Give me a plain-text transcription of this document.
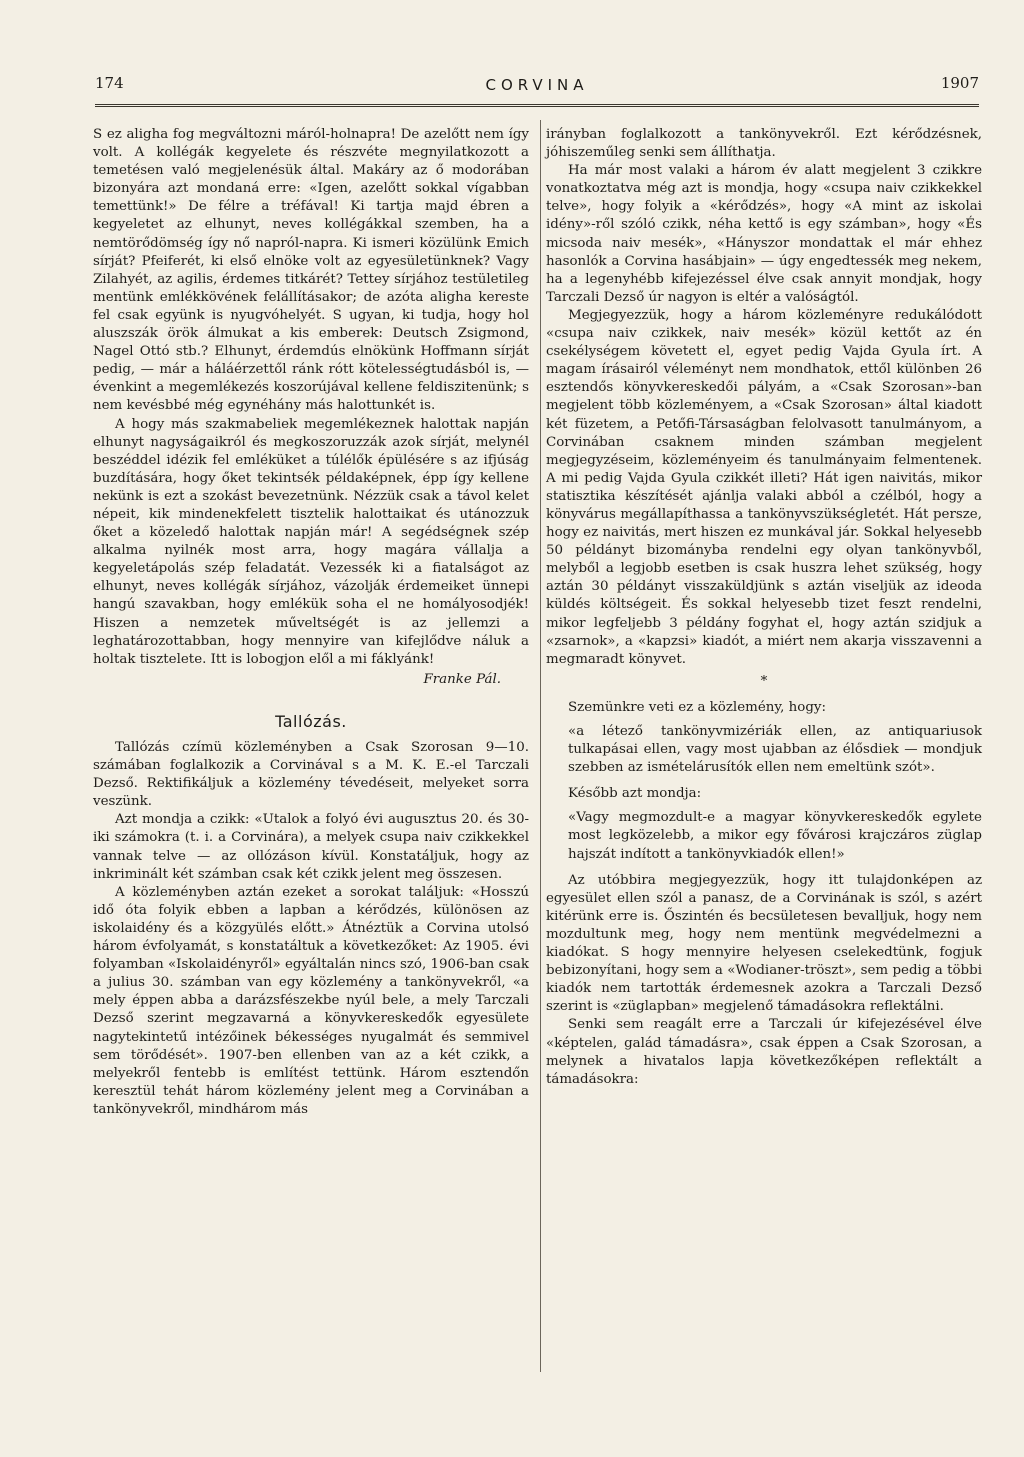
174	CORVINA	1907

S ez aligha fog megváltozni máról-holnapra! De azelőtt nem így volt. A kollégák kegyelete és részvéte megnyilatkozott a temetésen való megjelenésük által. Makáry az ő modorában bizonyára azt mondaná erre: «Igen, azelőtt sokkal vígabban temettünk!» De félre a tréfával! Ki tartja majd ébren a kegyeletet az elhunyt, neves kollégákkal szemben, ha a nemtörődömség így nő napról-napra. Ki ismeri közülünk Emich sírját? Pfeiferét, ki első elnöke volt az egyesületünknek? Vagy Zilahyét, az agilis, érdemes titkárét? Tettey sírjához testületileg mentünk emlékkövének felállításakor; de azóta aligha kereste fel csak együnk is nyugvóhelyét. S ugyan, ki tudja, hogy hol aluszszák örök álmukat a kis emberek: Deutsch Zsigmond, Nagel Ottó stb.? Elhunyt, érdemdús elnökünk Hoffmann sírját pedig, — már a háláérzettől ránk rótt kötelességtudásból is, — évenkint a megemlékezés koszorújával kellene feldiszitenünk; s nem kevésbbé még egynéhány más halottunkét is.

A hogy más szakmabeliek megemlékeznek halottak napján elhunyt nagyságaikról és megkoszoruzzák azok sírját, melynél beszéddel idézik fel emléküket a túlélők épülésére s az ifjúság buzdítására, hogy őket tekintsék példaképnek, épp így kellene nekünk is ezt a szokást bevezetnünk. Nézzük csak a távol kelet népeit, kik mindenekfelett tisztelik halottaikat és utánozzuk őket a közeledő halottak napján már! A segédségnek szép alkalma nyilnék most arra, hogy magára vállalja a kegyeletápolás szép feladatát. Vezessék ki a fiatalságot az elhunyt, neves kollégák sírjához, vázolják érdemeiket ünnepi hangú szavakban, hogy emlékük soha el ne homályosodjék! Hiszen a nemzetek műveltségét is az jellemzi a leghatározottabban, hogy mennyire van kifejlődve náluk a holtak tisztelete. Itt is lobogjon elől a mi fáklyánk!

Franke Pál.
Tallózás.

Tallózás czímü közleményben a Csak Szorosan 9—10. számában foglalkozik a Corvinával s a M. K. E.-el Tarczali Dezső. Rektifikáljuk a közlemény tévedéseit, melyeket sorra veszünk.

Azt mondja a czikk: «Utalok a folyó évi augusztus 20. és 30-iki számokra (t. i. a Corvinára), a melyek csupa naiv czikkekkel vannak telve — az ollózáson kívül. Konstatáljuk, hogy az inkriminált két számban csak két czikk jelent meg összesen.

A közleményben aztán ezeket a sorokat találjuk: «Hosszú idő óta folyik ebben a lapban a kérődzés, különösen az iskolaidény és a közgyülés előtt.» Átnéztük a Corvina utolsó három évfolyamát, s konstatáltuk a következőket: Az 1905. évi folyamban «Iskolaidényről» egyáltalán nincs szó, 1906-ban csak a julius 30. számban van egy közlemény a tankönyvekről, «a mely éppen abba a darázsfészekbe nyúl bele, a mely Tarczali Dezső szerint megzavarná a könyvkereskedők egyesülete nagytekintetű intézőinek békességes nyugalmát és semmivel sem törődését». 1907-ben ellenben van az a két czikk, a melyekről fentebb is említést tettünk. Három esztendőn keresztül tehát három közlemény jelent meg a Corvinában a tankönyvekről, mindhárom más

irányban foglalkozott a tankönyvekről. Ezt kérődzésnek, jóhiszeműleg senki sem állíthatja.

Ha már most valaki a három év alatt megjelent 3 czikkre vonatkoztatva még azt is mondja, hogy «csupa naiv czikkekkel telve», hogy folyik a «kérődzés», hogy «A mint az iskolai idény»-ről szóló czikk, néha kettő is egy számban», hogy «És micsoda naiv mesék», «Hányszor mondattak el már ehhez hasonlók a Corvina hasábjain» — úgy engedtessék meg nekem, ha a legenyhébb kifejezéssel élve csak annyit mondjak, hogy Tarczali Dezső úr nagyon is eltér a valóságtól.

Megjegyezzük, hogy a három közleményre redukálódott «csupa naiv czikkek, naiv mesék» közül kettőt az én csekélységem követett el, egyet pedig Vajda Gyula írt. A magam írásairól véleményt nem mondhatok, ettől különben 26 esztendős könyvkereskedői pályám, a «Csak Szorosan»-ban megjelent több közleményem, a «Csak Szorosan» által kiadott két füzetem, a Petőfi-Társaságban felolvasott tanulmányom, a Corvinában csaknem minden számban megjelent megjegyzéseim, közleményeim és tanulmányaim felmentenek. A mi pedig Vajda Gyula czikkét illeti? Hát igen naivitás, mikor statisztika készítését ajánlja valaki abból a czélból, hogy a könyvárus megállapíthassa a tankönyvszükségletét. Hát persze, hogy ez naivitás, mert hiszen ez munkával jár. Sokkal helyesebb 50 példányt bizományba rendelni egy olyan tankönyvből, melyből a legjobb esetben is csak huszra lehet szükség, hogy aztán 30 példányt visszaküldjünk s aztán viseljük az ideoda küldés költségeit. És sokkal helyesebb tizet feszt rendelni, mikor legfeljebb 3 példány fogyhat el, hogy aztán szidjuk a «zsarnok», a «kapzsi» kiadót, a miért nem akarja visszavenni a megmaradt könyvet.

*

Szemünkre veti ez a közlemény, hogy:

«a létező tankönyvmizériák ellen, az antiquariusok tulkapásai ellen, vagy most ujabban az élősdiek — mondjuk szebben az ismételárusítók ellen nem emeltünk szót».

Később azt mondja:

«Vagy megmozdult-e a magyar könyvkereskedők egylete most legközelebb, a mikor egy fővárosi krajczáros züglap hajszát indított a tankönyvkiadók ellen!»

Az utóbbira megjegyezzük, hogy itt tulajdonképen az egyesület ellen szól a panasz, de a Corvinának is szól, s azért kitérünk erre is. Őszintén és becsületesen bevalljuk, hogy nem mozdultunk meg, hogy nem mentünk megvédelmezni a kiadókat. S hogy mennyire helyesen cselekedtünk, fogjuk bebizonyítani, hogy sem a «Wodianer-tröszt», sem pedig a többi kiadók nem tartották érdemesnek azokra a Tarczali Dezső szerint is «züglapban» megjelenő támadásokra reflektálni.

Senki sem reagált erre a Tarczali úr kifejezésével élve «képtelen, galád támadásra», csak éppen a Csak Szorosan, a melynek a hivatalos lapja következőképen reflektált a támadásokra:
